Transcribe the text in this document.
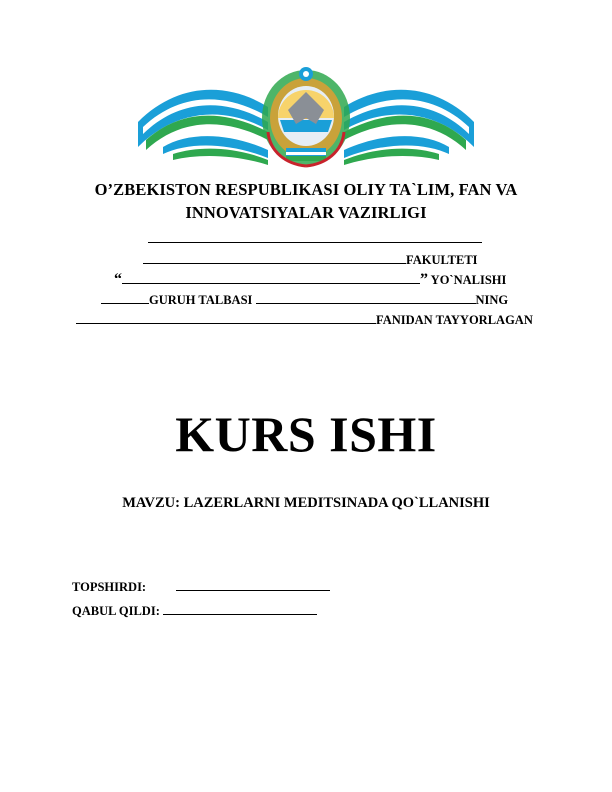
O’ZBEKISTON RESPUBLIKASI OLIY TA`LIM, FAN VA
INNOVATSIYALAR VAZIRLIGI
FAKULTETI
“	” YO`NALISHI
GURUH TALBASI	NING
FANIDAN TAYYORLAGAN
KURS ISHI
MAVZU: LAZERLARNI MEDITSINADA QO`LLANISHI
TOPSHIRDI:
QABUL QILDI:
